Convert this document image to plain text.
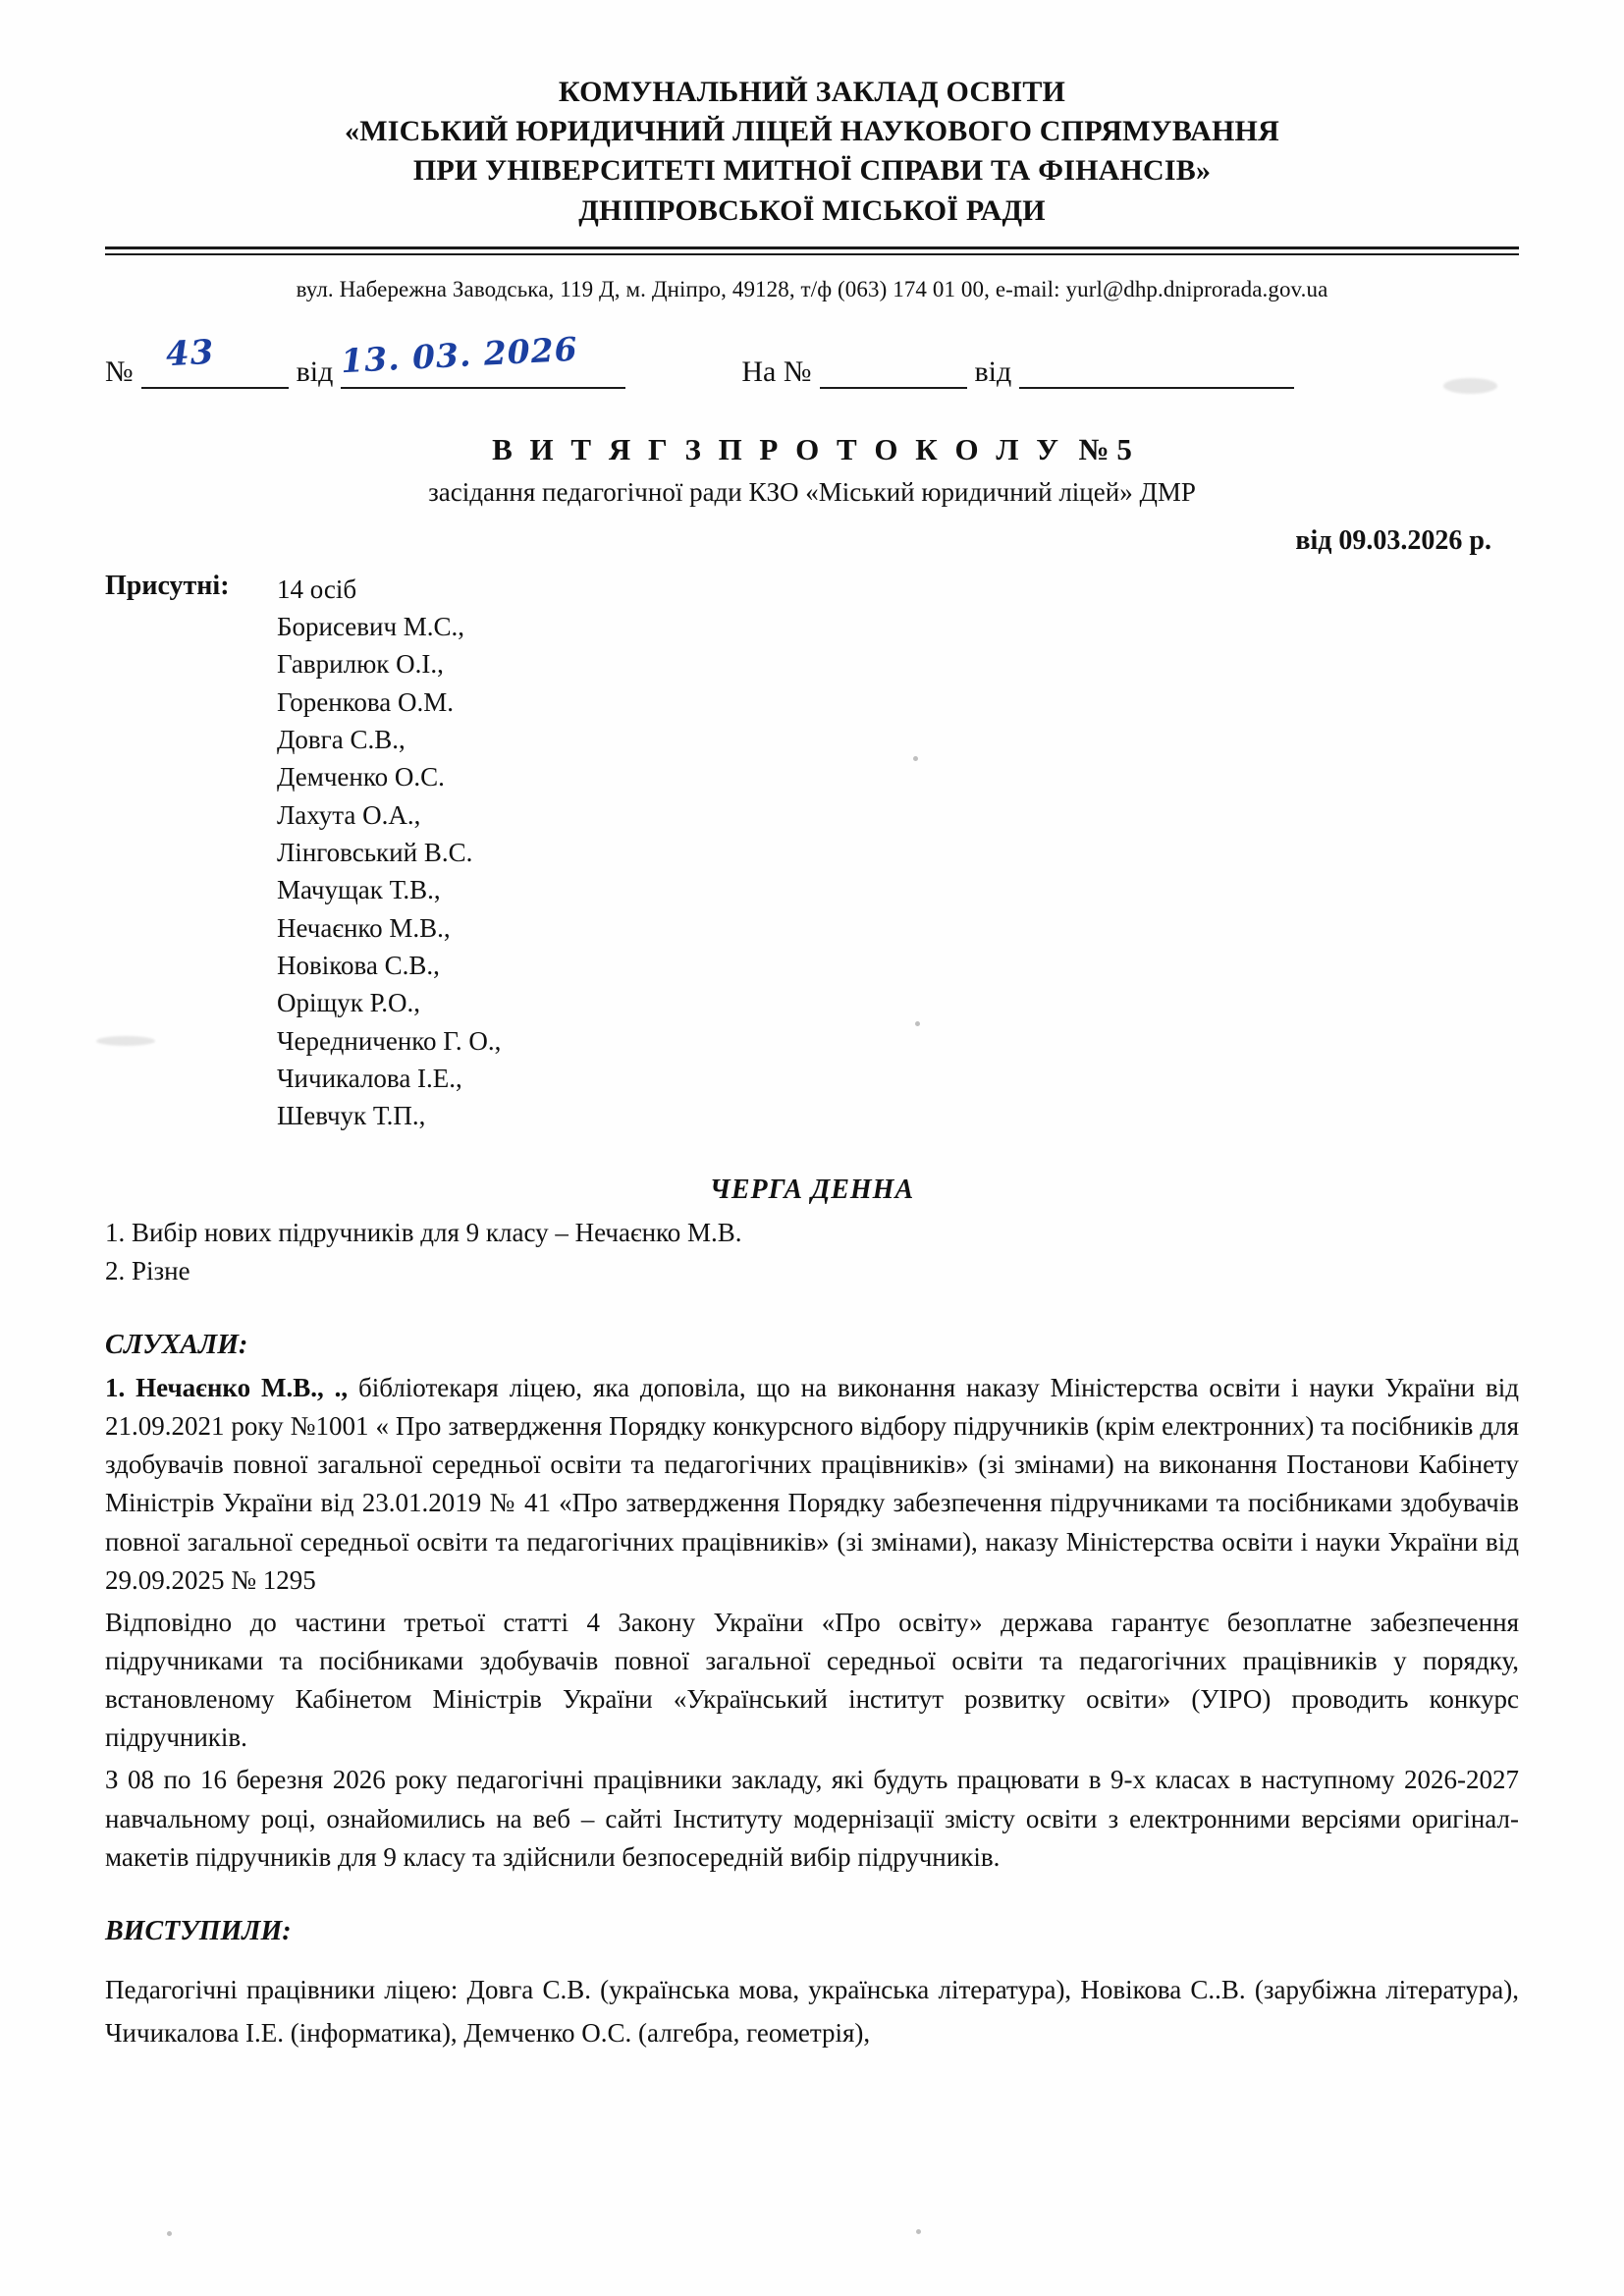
КОМУНАЛЬНИЙ ЗАКЛАД ОСВІТИ
«МІСЬКИЙ ЮРИДИЧНИЙ ЛІЦЕЙ НАУКОВОГО СПРЯМУВАННЯ
ПРИ УНІВЕРСИТЕТІ МИТНОЇ СПРАВИ ТА ФІНАНСІВ»
ДНІПРОВСЬКОЇ МІСЬКОЇ РАДИ
вул. Набережна Заводська, 119 Д, м. Дніпро, 49128, т/ф (063) 174 01 00, e-mail: yurl@dhp.dniprorada.gov.ua
№	від	На №	від
43	13. 03. 2026
В И Т Я Г З П Р О Т О К О Л У № 5
засідання педагогічної ради КЗО «Міський юридичний ліцей» ДМР
від 09.03.2026 р.
Присутні:	14 осіб
Борисевич М.С.,
Гаврилюк О.І.,
Горенкова О.М.
Довга С.В.,
Демченко О.С.
Лахута О.А.,
Лінговський В.С.
Мачущак Т.В.,
Нечаєнко М.В.,
Новікова С.В.,
Оріщук Р.О.,
Чередниченко Г. О.,
Чичикалова І.Е.,
Шевчук Т.П.,
ЧЕРГА ДЕННА
1. Вибір нових підручників для 9 класу – Нечаєнко М.В.
2. Різне
СЛУХАЛИ:
1. Нечаєнко М.В., ., бібліотекаря ліцею, яка доповіла, що на виконання наказу Міністерства освіти і науки України від 21.09.2021 року №1001 « Про затвердження Порядку конкурсного відбору підручників (крім електронних) та посібників для здобувачів повної загальної середньої освіти та педагогічних працівників» (зі змінами) на виконання Постанови Кабінету Міністрів України від 23.01.2019 № 41 «Про затвердження Порядку забезпечення підручниками та посібниками здобувачів повної загальної середньої освіти та педагогічних працівників» (зі змінами), наказу Міністерства освіти і науки України від 29.09.2025 № 1295
Відповідно до частини третьої статті 4 Закону України «Про освіту» держава гарантує безоплатне забезпечення підручниками та посібниками здобувачів повної загальної середньої освіти та педагогічних працівників у порядку, встановленому Кабінетом Міністрів України «Український інститут розвитку освіти» (УІРО) проводить конкурс підручників.
З 08 по 16 березня 2026 року педагогічні працівники закладу, які будуть працювати в 9-х класах в наступному 2026-2027 навчальному році, ознайомились на веб – сайті Інституту модернізації змісту освіти з електронними версіями оригінал-макетів підручників для 9 класу та здійснили безпосередній вибір підручників.
ВИСТУПИЛИ:
Педагогічні працівники ліцею: Довга С.В. (українська мова, українська література), Новікова С..В. (зарубіжна література), Чичикалова І.Е. (інформатика), Демченко О.С. (алгебра, геометрія),
